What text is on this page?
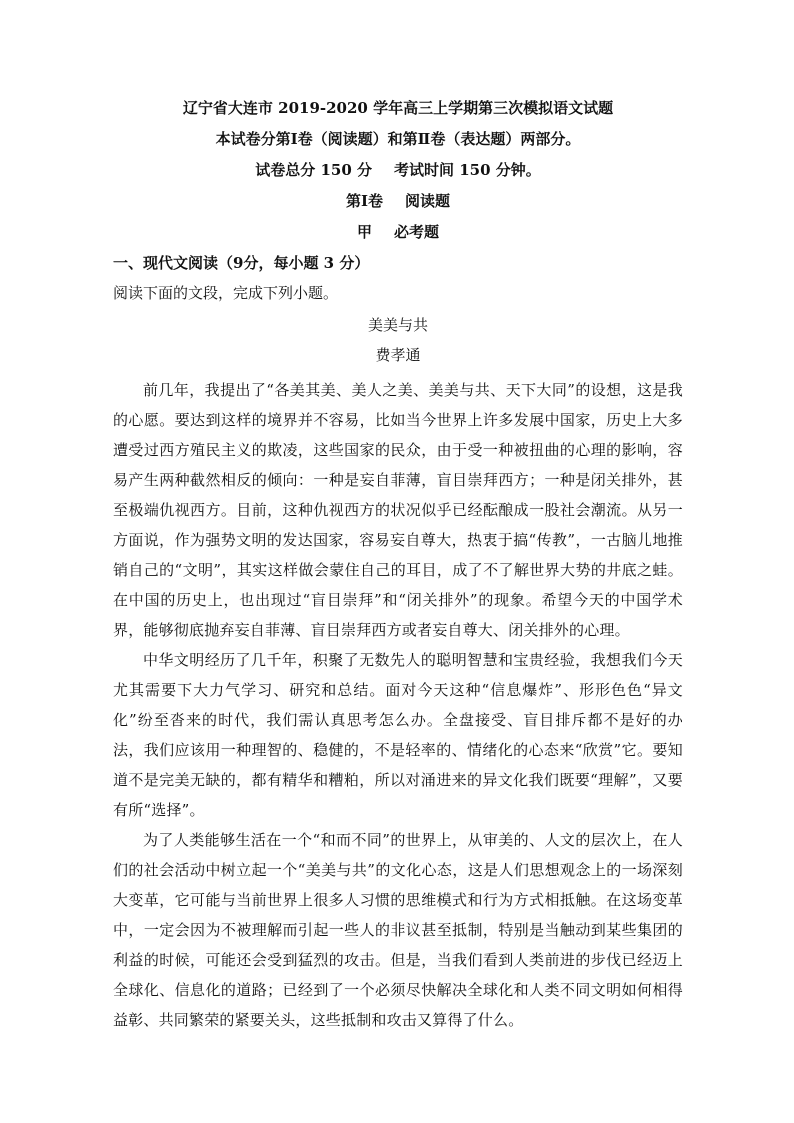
辽宁省大连市 2019-2020 学年高三上学期第三次模拟语文试题
本试卷分第Ⅰ卷（阅读题）和第Ⅱ卷（表达题）两部分。
试卷总分 150 分 考试时间 150 分钟。
第Ⅰ卷 阅读题
甲 必考题
一、现代文阅读（9分，每小题 3 分）
阅读下面的文段，完成下列小题。
美美与共
费孝通

前几年，我提出了“各美其美、美人之美、美美与共、天下大同”的设想，这是我的心愿。要达到这样的境界并不容易，比如当今世界上许多发展中国家，历史上大多遭受过西方殖民主义的欺凌，这些国家的民众，由于受一种被扭曲的心理的影响，容易产生两种截然相反的倾向：一种是妄自菲薄，盲目崇拜西方；一种是闭关排外，甚至极端仇视西方。目前，这种仇视西方的状况似乎已经酝酿成一股社会潮流。从另一方面说，作为强势文明的发达国家，容易妄自尊大，热衷于搞“传教”，一古脑儿地推销自己的“文明”，其实这样做会蒙住自己的耳目，成了不了解世界大势的井底之蛙。在中国的历史上，也出现过“盲目崇拜”和“闭关排外”的现象。希望今天的中国学术界，能够彻底抛弃妄自菲薄、盲目崇拜西方或者妄自尊大、闭关排外的心理。

中华文明经历了几千年，积聚了无数先人的聪明智慧和宝贵经验，我想我们今天尤其需要下大力气学习、研究和总结。面对今天这种“信息爆炸”、形形色色“异文化”纷至沓来的时代，我们需认真思考怎么办。全盘接受、盲目排斥都不是好的办法，我们应该用一种理智的、稳健的，不是轻率的、情绪化的心态来“欣赏”它。要知道不是完美无缺的，都有精华和糟粕，所以对涌进来的异文化我们既要“理解”，又要有所“选择”。

为了人类能够生活在一个“和而不同”的世界上，从审美的、人文的层次上，在人们的社会活动中树立起一个“美美与共”的文化心态，这是人们思想观念上的一场深刻大变革，它可能与当前世界上很多人习惯的思维模式和行为方式相抵触。在这场变革中，一定会因为不被理解而引起一些人的非议甚至抵制，特别是当触动到某些集团的利益的时候，可能还会受到猛烈的攻击。但是，当我们看到人类前进的步伐已经迈上全球化、信息化的道路；已经到了一个必须尽快解决全球化和人类不同文明如何相得益彰、共同繁荣的紧要关头，这些抵制和攻击又算得了什么。
